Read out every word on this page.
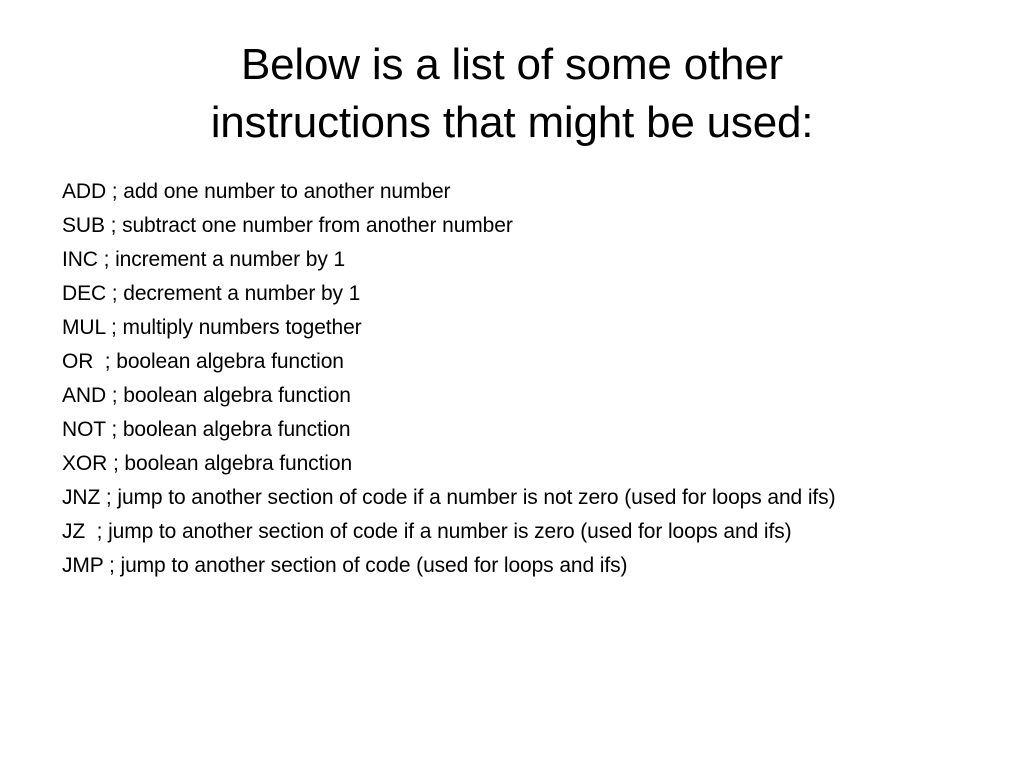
Below is a list of some other
instructions that might be used:
ADD ; add one number to another number
SUB ; subtract one number from another number
INC ; increment a number by 1
DEC ; decrement a number by 1
MUL ; multiply numbers together
OR  ; boolean algebra function
AND ; boolean algebra function
NOT ; boolean algebra function
XOR ; boolean algebra function
JNZ ; jump to another section of code if a number is not zero (used for loops and ifs)
JZ  ; jump to another section of code if a number is zero (used for loops and ifs)
JMP ; jump to another section of code (used for loops and ifs)
